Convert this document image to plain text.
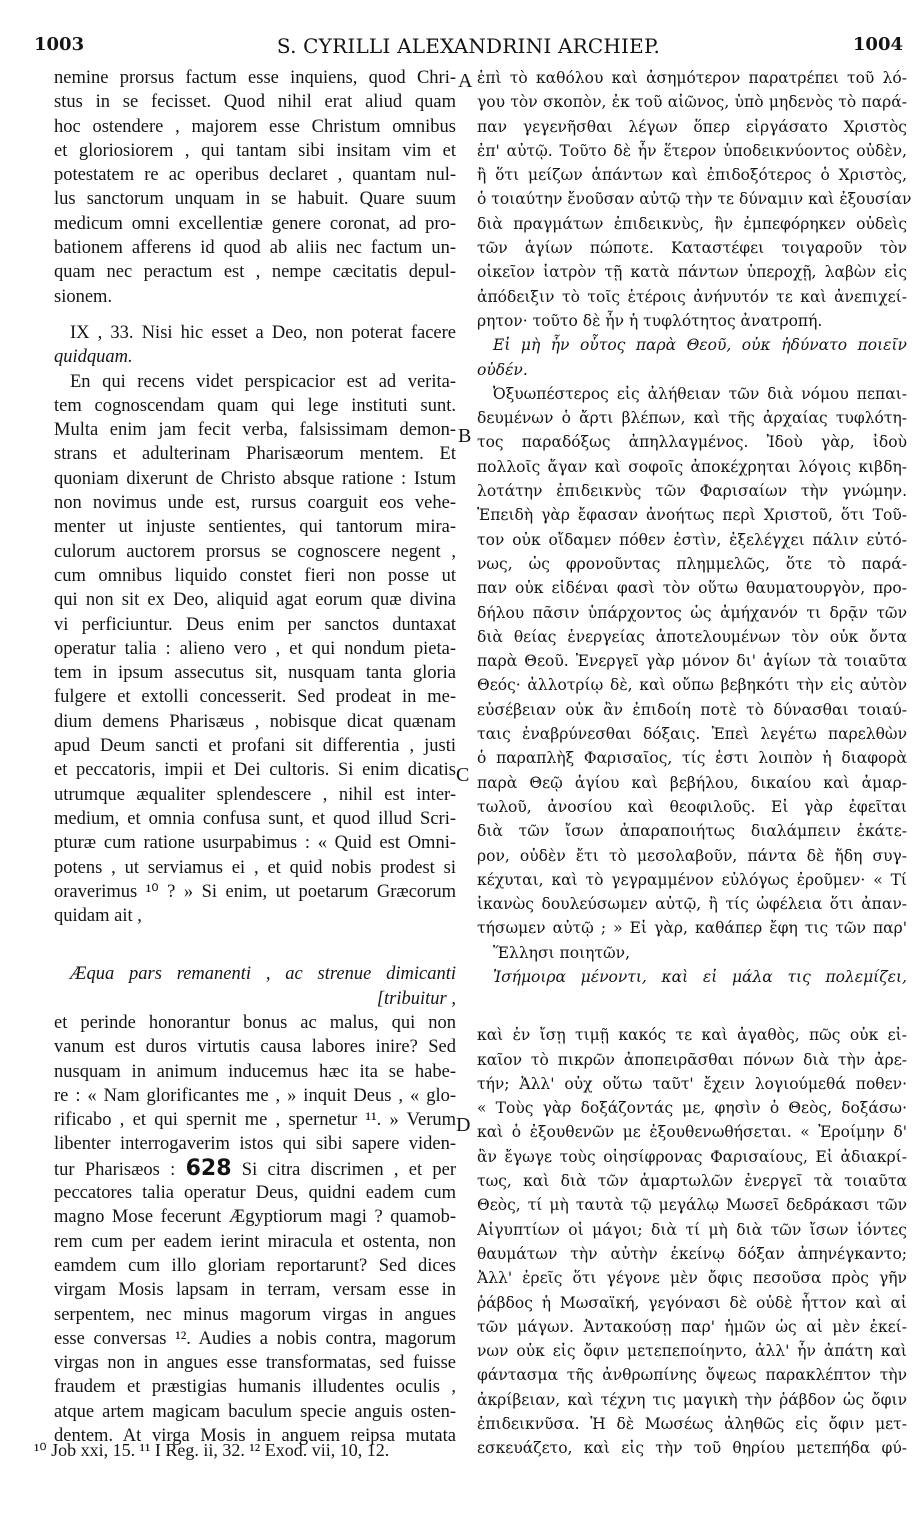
1003	S. CYRILLI ALEXANDRINI ARCHIEP.	1004
A
B
C
D
nemine prorsus factum esse inquiens, quod Chri-
stus in se fecisset. Quod nihil erat aliud quam
hoc ostendere , majorem esse Christum omnibus
et gloriosiorem , qui tantam sibi insitam vim et
potestatem re ac operibus declaret , quantam nul-
lus sanctorum unquam in se habuit. Quare suum
medicum omni excellentiæ genere coronat, ad pro-
bationem afferens id quod ab aliis nec factum un-
quam nec peractum est , nempe cæcitatis depul-
sionem.
IX , 33. Nisi hic esset a Deo, non poterat facere
quidquam.
En qui recens videt perspicacior est ad verita-
tem cognoscendam quam qui lege instituti sunt.
Multa enim jam fecit verba, falsissimam demon-
strans et adulterinam Pharisæorum mentem. Et
quoniam dixerunt de Christo absque ratione : Istum
non novimus unde est, rursus coarguit eos vehe-
menter ut injuste sentientes, qui tantorum mira-
culorum auctorem prorsus se cognoscere negent ,
cum omnibus liquido constet fieri non posse ut
qui non sit ex Deo, aliquid agat eorum quæ divina
vi perficiuntur. Deus enim per sanctos duntaxat
operatur talia : alieno vero , et qui nondum pieta-
tem in ipsum assecutus sit, nusquam tanta gloria
fulgere et extolli concesserit. Sed prodeat in me-
dium demens Pharisæus , nobisque dicat quænam
apud Deum sancti et profani sit differentia , justi
et peccatoris, impii et Dei cultoris. Si enim dicatis
utrumque æqualiter splendescere , nihil est inter-
medium, et omnia confusa sunt, et quod illud Scri-
pturæ cum ratione usurpabimus : « Quid est Omni-
potens , ut serviamus ei , et quid nobis prodest si
oraverimus ¹⁰ ? » Si enim, ut poetarum Græcorum
quidam ait ,
Æqua pars remanenti , ac strenue dimicanti
[tribuitur ,
et perinde honorantur bonus ac malus, qui non
vanum est duros virtutis causa labores inire? Sed
nusquam in animum inducemus hæc ita se habe-
re : « Nam glorificantes me , » inquit Deus , « glo-
rificabo , et qui spernit me , spernetur ¹¹. » Verum
libenter interrogaverim istos qui sibi sapere viden-
tur Pharisæos : 628 Si citra discrimen , et per
peccatores talia operatur Deus, quidni eadem cum
magno Mose fecerunt Ægyptiorum magi ? quamob-
rem cum per eadem ierint miracula et ostenta, non
eamdem cum illo gloriam reportarunt? Sed dices
virgam Mosis lapsam in terram, versam esse in
serpentem, nec minus magorum virgas in angues
esse conversas ¹². Audies a nobis contra, magorum
virgas non in angues esse transformatas, sed fuisse
fraudem et præstigias humanis illudentes oculis ,
atque artem magicam baculum specie anguis osten-
dentem. At virga Mosis in anguem reipsa mutata
ἐπὶ τὸ καθόλου καὶ ἀσημότερον παρατρέπει τοῦ λό-
γου τὸν σκοπὸν, ἐκ τοῦ αἰῶνος, ὑπὸ μηδενὸς τὸ παρά-
παν γεγενῆσθαι λέγων ὅπερ εἰργάσατο Χριστὸς
ἐπ' αὐτῷ. Τοῦτο δὲ ἦν ἕτερον ὑποδεικνύοντος οὐδὲν,
ἢ ὅτι μείζων ἁπάντων καὶ ἐπιδοξότερος ὁ Χριστὸς,
ὁ τοιαύτην ἔνοῦσαν αὐτῷ τὴν τε δύναμιν καὶ ἐξουσίαν
διὰ πραγμάτων ἐπιδεικνὺς, ἣν ἐμπεφόρηκεν οὐδεὶς
τῶν ἁγίων πώποτε. Καταστέφει τοιγαροῦν τὸν
οἰκεῖον ἰατρὸν τῇ κατὰ πάντων ὑπεροχῇ, λαβὼν εἰς
ἀπόδειξιν τὸ τοῖς ἑτέροις ἀνήνυτόν τε καὶ ἀνεπιχεί-
ρητον· τοῦτο δὲ ἦν ἡ τυφλότητος ἀνατροπή.
Εἰ μὴ ἦν οὗτος παρὰ Θεοῦ, οὐκ ἠδύνατο ποιεῖν
οὐδέν.
Ὀξυωπέστερος εἰς ἀλήθειαν τῶν διὰ νόμου πεπαι-
δευμένων ὁ ἄρτι βλέπων, καὶ τῆς ἀρχαίας τυφλότη-
τος παραδόξως ἀπηλλαγμένος. Ἰδοὺ γὰρ, ἰδοὺ
πολλοῖς ἄγαν καὶ σοφοῖς ἀποκέχρηται λόγοις κιβδη-
λοτάτην ἐπιδεικνὺς τῶν Φαρισαίων τὴν γνώμην.
Ἐπειδὴ γὰρ ἔφασαν ἀνοήτως περὶ Χριστοῦ, ὅτι Τοῦ-
τον οὐκ οἴδαμεν πόθεν ἐστὶν, ἐξελέγχει πάλιν εὐτό-
νως, ὡς φρονοῦντας πλημμελῶς, ὅτε τὸ παρά-
παν οὐκ εἰδέναι φασὶ τὸν οὕτω θαυματουργὸν, προ-
δήλου πᾶσιν ὑπάρχοντος ὡς ἀμήχανόν τι δρᾷν τῶν
διὰ θείας ἐνεργείας ἀποτελουμένων τὸν οὐκ ὄντα
παρὰ Θεοῦ. Ἐνεργεῖ γὰρ μόνον δι' ἁγίων τὰ τοιαῦτα
Θεός· ἀλλοτρίῳ δὲ, καὶ οὔπω βεβηκότι τὴν εἰς αὐτὸν
εὐσέβειαν οὐκ ἂν ἐπιδοίη ποτὲ τὸ δύνασθαι τοιαύ-
ταις ἐναβρύνεσθαι δόξαις. Ἐπεὶ λεγέτω παρελθὼν
ὁ παραπλὴξ Φαρισαῖος, τίς ἐστι λοιπὸν ἡ διαφορὰ
παρὰ Θεῷ ἁγίου καὶ βεβήλου, δικαίου καὶ ἁμαρ-
τωλοῦ, ἀνοσίου καὶ θεοφιλοῦς. Εἰ γὰρ ἐφεῖται
διὰ τῶν ἴσων ἀπαραποιήτως διαλάμπειν ἑκάτε-
ρον, οὐδὲν ἔτι τὸ μεσολαβοῦν, πάντα δὲ ἤδη συγ-
κέχυται, καὶ τὸ γεγραμμένον εὐλόγως ἐροῦμεν· « Τί
ἱκανὼς δουλεύσωμεν αὐτῷ, ἢ τίς ὠφέλεια ὅτι ἀπαν-
τήσωμεν αὐτῷ ; » Εἰ γὰρ, καθάπερ ἔφη τις τῶν παρ'
Ἕλλησι ποιητῶν,
Ἰσήμοιρα μένοντι, καὶ εἰ μάλα τις πολεμίζει,
καὶ ἐν ἴσῃ τιμῇ κακός τε καὶ ἀγαθὸς, πῶς οὐκ εἰ-
καῖον τὸ πικρῶν ἀποπειρᾶσθαι πόνων διὰ τὴν ἀρε-
τήν; Ἀλλ' οὐχ οὕτω ταῦτ' ἔχειν λογιούμεθά ποθεν·
« Τοὺς γὰρ δοξάζοντάς με, φησὶν ὁ Θεὸς, δοξάσω·
καὶ ὁ ἐξουθενῶν με ἐξουθενωθήσεται. « Ἐροίμην δ'
ἂν ἔγωγε τοὺς οἰησίφρονας Φαρισαίους, Εἰ ἀδιακρί-
τως, καὶ διὰ τῶν ἁμαρτωλῶν ἐνεργεῖ τὰ τοιαῦτα
Θεὸς, τί μὴ ταυτὰ τῷ μεγάλῳ Μωσεῖ δεδράκασι τῶν
Αἰγυπτίων οἱ μάγοι; διὰ τί μὴ διὰ τῶν ἴσων ἰόντες
θαυμάτων τὴν αὐτὴν ἐκείνῳ δόξαν ἀπηνέγκαντο;
Ἀλλ' ἐρεῖς ὅτι γέγονε μὲν ὄφις πεσοῦσα πρὸς γῆν
ῥάβδος ἡ Μωσαϊκή, γεγόνασι δὲ οὐδὲ ἧττον καὶ αἱ
τῶν μάγων. Ἀντακούσῃ παρ' ἡμῶν ὡς αἱ μὲν ἐκεί-
νων οὐκ εἰς ὄφιν μετεπεποίηντο, ἀλλ' ἦν ἀπάτη καὶ
φάντασμα τῆς ἀνθρωπίνης ὄψεως παρακλέπτον τὴν
ἀκρίβειαν, καὶ τέχνη τις μαγικὴ τὴν ῥάβδον ὡς ὄφιν
ἐπιδεικνῦσα. Ἡ δὲ Μωσέως ἀληθῶς εἰς ὄφιν μετ-
εσκευάζετο, καὶ εἰς τὴν τοῦ θηρίου μετεπήδα φύ-
¹⁰ Job xxi, 15. ¹¹ I Reg. ii, 32. ¹² Exod. vii, 10, 12.
